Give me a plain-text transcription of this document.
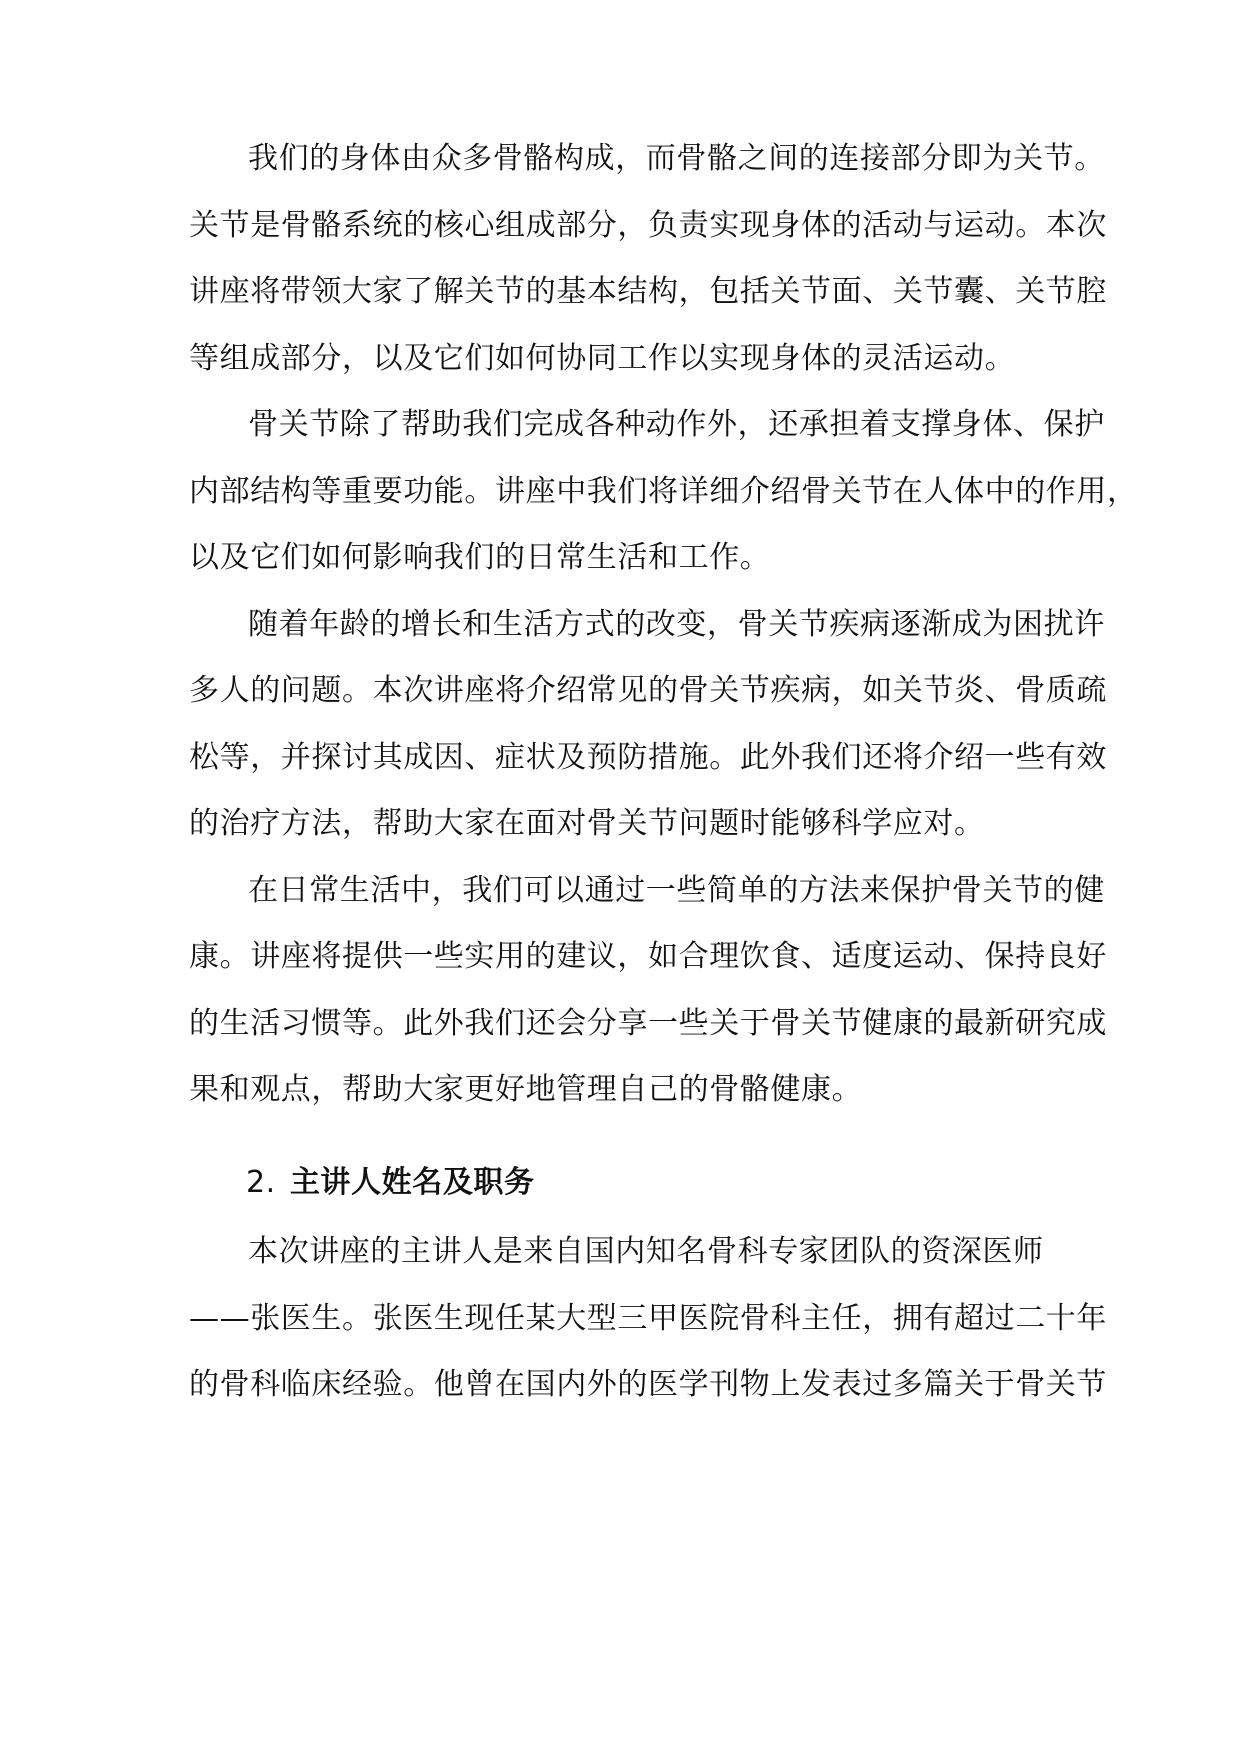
我们的身体由众多骨骼构成，而骨骼之间的连接部分即为关节。
关节是骨骼系统的核心组成部分，负责实现身体的活动与运动。本次
讲座将带领大家了解关节的基本结构，包括关节面、关节囊、关节腔
等组成部分，以及它们如何协同工作以实现身体的灵活运动。
骨关节除了帮助我们完成各种动作外，还承担着支撑身体、保护
内部结构等重要功能。讲座中我们将详细介绍骨关节在人体中的作用，
以及它们如何影响我们的日常生活和工作。
随着年龄的增长和生活方式的改变，骨关节疾病逐渐成为困扰许
多人的问题。本次讲座将介绍常见的骨关节疾病，如关节炎、骨质疏
松等，并探讨其成因、症状及预防措施。此外我们还将介绍一些有效
的治疗方法，帮助大家在面对骨关节问题时能够科学应对。
在日常生活中，我们可以通过一些简单的方法来保护骨关节的健
康。讲座将提供一些实用的建议，如合理饮食、适度运动、保持良好
的生活习惯等。此外我们还会分享一些关于骨关节健康的最新研究成
果和观点，帮助大家更好地管理自己的骨骼健康。
2. 主讲人姓名及职务
本次讲座的主讲人是来自国内知名骨科专家团队的资深医师
——张医生。张医生现任某大型三甲医院骨科主任，拥有超过二十年
的骨科临床经验。他曾在国内外的医学刊物上发表过多篇关于骨关节
